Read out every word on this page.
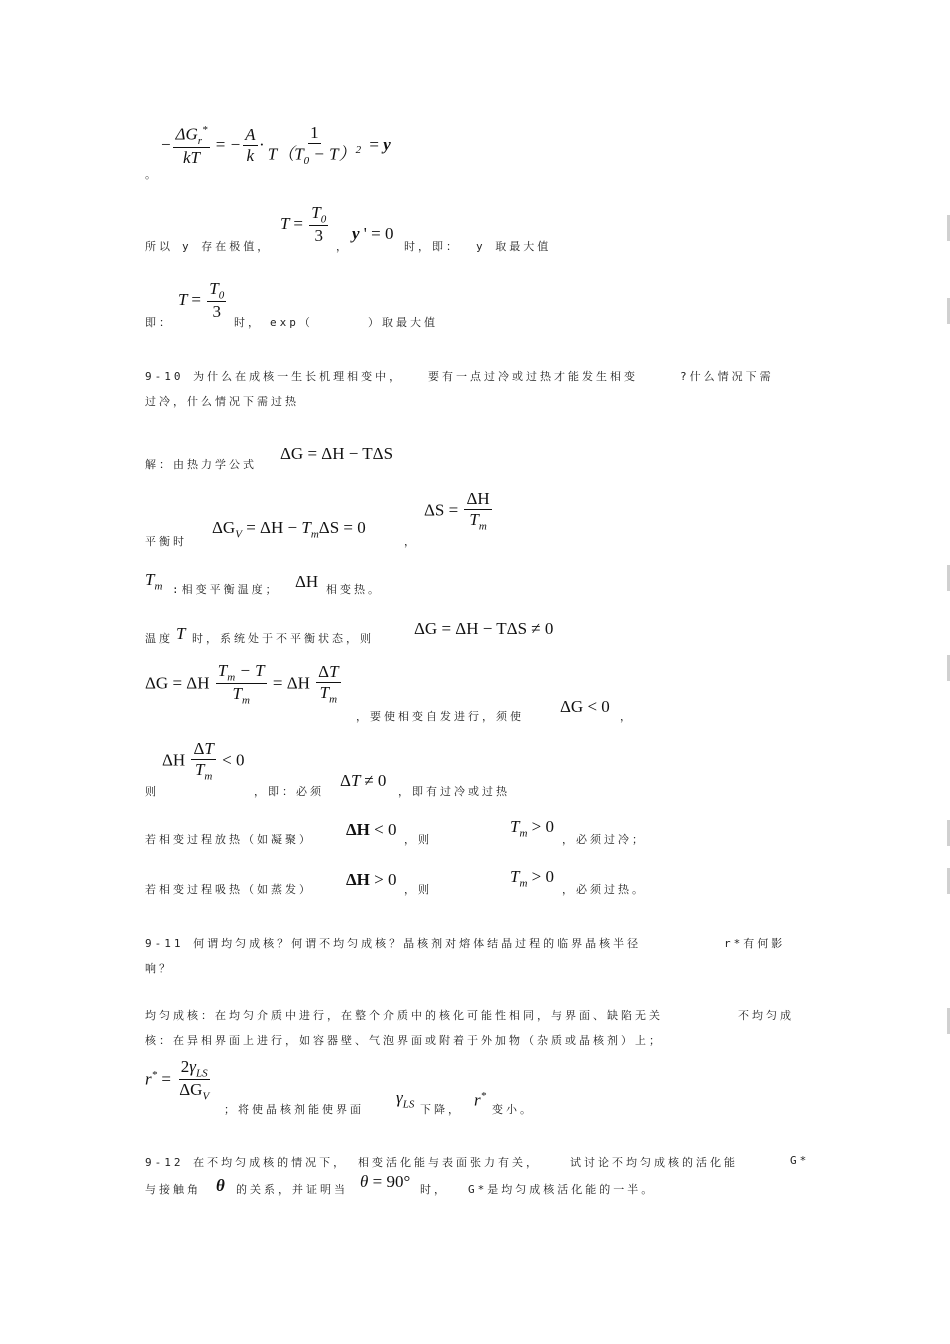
。
− $\frac{\Delta G_r^*}{kT}$ = − $\frac{A}{k} \cdot \frac{1}{T(T_0 - T)^2} = y$
所以 y 存在极值，
$T = \frac{T_0}{3}$
，
y ' = 0
时，即： y 取最大值
即：
$T = \frac{T_0}{3}$
时， exp（	）取最大值
9-10 为什么在成核一生长机理相变中， 要有一点过冷或过热才能发生相变	?什么情况下需
过冷，什么情况下需过热
解：由热力学公式
ΔG = ΔH − TΔS
平衡时
$\Delta G_V = \Delta H - T_m\Delta S = 0$
，
$\Delta S = \frac{\Delta H}{T_m}$
$T_m$ :相变平衡温度； ΔH 相变热。
温度 T 时，系统处于不平衡状态，则
ΔG = ΔH − TΔS ≠ 0
ΔG = ΔH $\frac{T_m - T}{T_m} = \Delta H \frac{\Delta T}{T_m}$
，要使相变自发进行，须使
ΔG < 0
，
则
ΔH $\frac{\Delta T}{T_m} < 0$
，即：必须
ΔT ≠ 0
，即有过冷或过热
若相变过程放热（如凝聚）
ΔH < 0
，则
$T_m > 0$
，必须过冷；
若相变过程吸热（如蒸发）
ΔH > 0
，则
$T_m > 0$
，必须过热。
9-11 何谓均匀成核？何谓不均匀成核？晶核剂对熔体结晶过程的临界晶核半径	r*有何影
响？
均匀成核：在均匀介质中进行，在整个介质中的核化可能性相同，与界面、缺陷无关	不均匀成
核：在异相界面上进行，如容器壁、气泡界面或附着于外加物（杂质或晶核剂）上；
$r^* = \frac{2\gamma_{LS}}{\Delta G_V}$
；将使晶核剂能使界面
$\gamma_{LS}$ 下降， r*
变小。
9-12 在不均匀成核的情况下， 相变活化能与表面张力有关，	试讨论不均匀成核的活化能	G*
与接触角 θ 的关系，并证明当 θ = 90° 时， G*是均匀成核活化能的一半。
